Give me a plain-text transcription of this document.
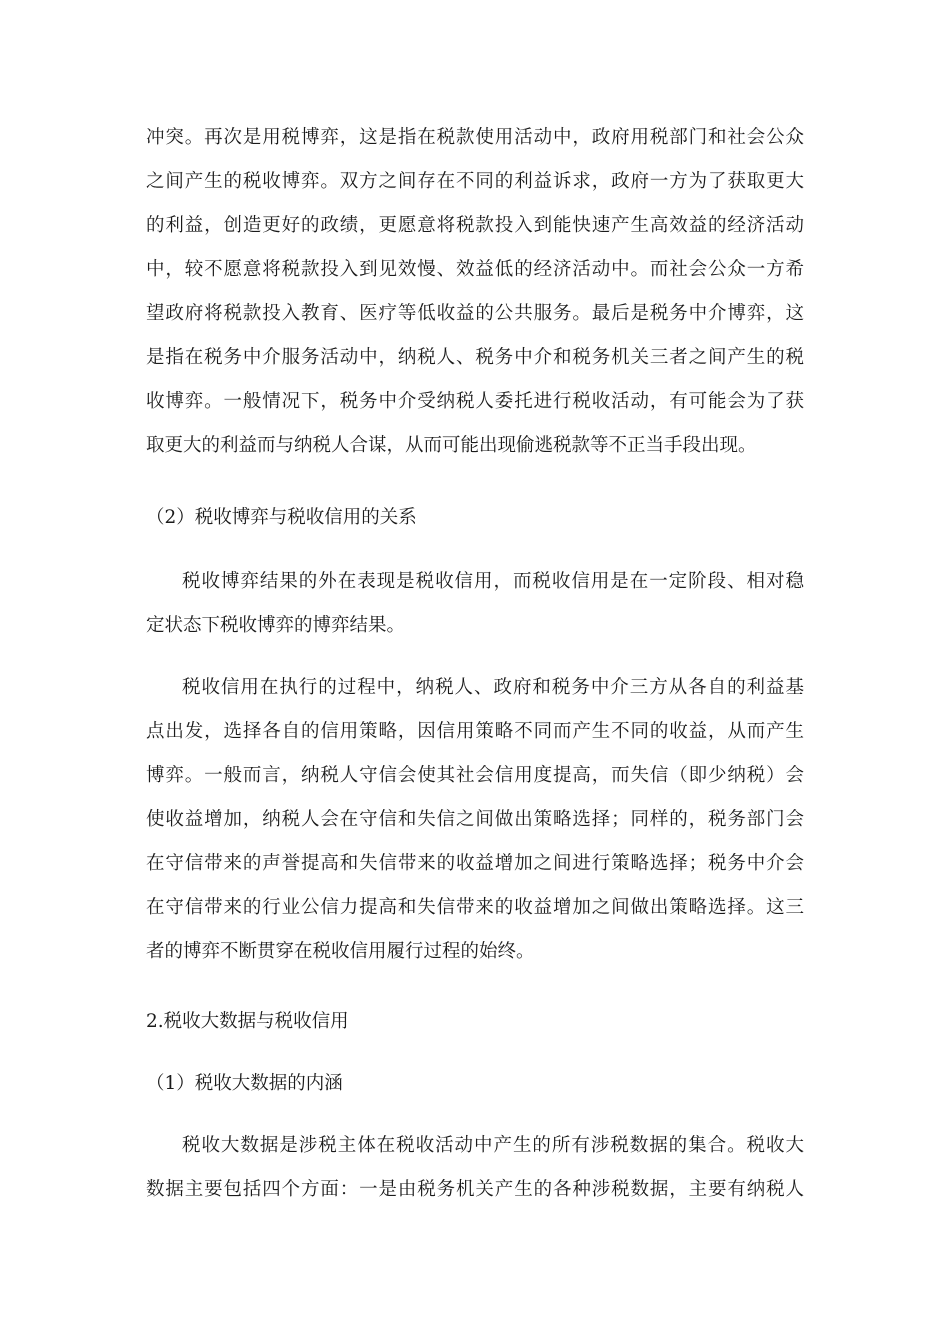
冲突。再次是用税博弈，这是指在税款使用活动中，政府用税部门和社会公众
之间产生的税收博弈。双方之间存在不同的利益诉求，政府一方为了获取更大
的利益，创造更好的政绩，更愿意将税款投入到能快速产生高效益的经济活动
中，较不愿意将税款投入到见效慢、效益低的经济活动中。而社会公众一方希
望政府将税款投入教育、医疗等低收益的公共服务。最后是税务中介博弈，这
是指在税务中介服务活动中，纳税人、税务中介和税务机关三者之间产生的税
收博弈。一般情况下，税务中介受纳税人委托进行税收活动，有可能会为了获
取更大的利益而与纳税人合谋，从而可能出现偷逃税款等不正当手段出现。
（2）税收博弈与税收信用的关系
税收博弈结果的外在表现是税收信用，而税收信用是在一定阶段、相对稳
定状态下税收博弈的博弈结果。
税收信用在执行的过程中，纳税人、政府和税务中介三方从各自的利益基
点出发，选择各自的信用策略，因信用策略不同而产生不同的收益，从而产生
博弈。一般而言，纳税人守信会使其社会信用度提高，而失信（即少纳税）会
使收益增加，纳税人会在守信和失信之间做出策略选择；同样的，税务部门会
在守信带来的声誉提高和失信带来的收益增加之间进行策略选择；税务中介会
在守信带来的行业公信力提高和失信带来的收益增加之间做出策略选择。这三
者的博弈不断贯穿在税收信用履行过程的始终。
2.税收大数据与税收信用
（1）税收大数据的内涵
税收大数据是涉税主体在税收活动中产生的所有涉税数据的集合。税收大
数据主要包括四个方面：一是由税务机关产生的各种涉税数据，主要有纳税人
